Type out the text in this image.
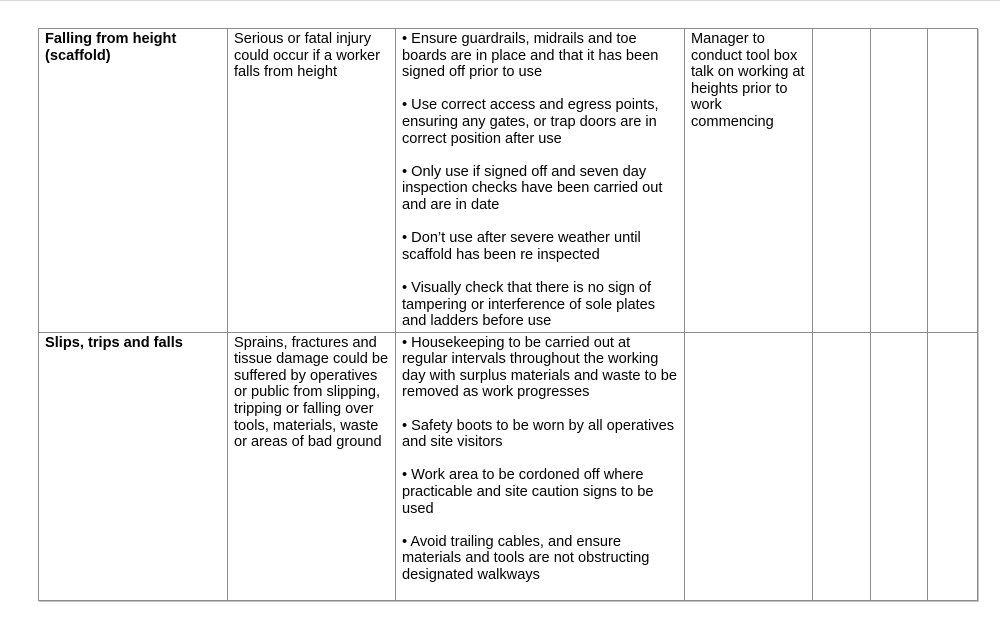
Falling from height (scaffold)	Serious or fatal injury could occur if a worker falls from height	• Ensure guardrails, midrails and toe boards are in place and that it has been signed off prior to use

• Use correct access and egress points, ensuring any gates, or trap doors are in correct position after use

• Only use if signed off and seven day inspection checks have been carried out and are in date

• Don’t use after severe weather until scaffold has been re inspected

• Visually check that there is no sign of tampering or interference of sole plates and ladders before use	Manager to conduct tool box talk on working at heights prior to work commencing			

Slips, trips and falls	Sprains, fractures and tissue damage could be suffered by operatives or public from slipping, tripping or falling over tools, materials, waste or areas of bad ground	• Housekeeping to be carried out at regular intervals throughout the working day with surplus materials and waste to be removed as work progresses

• Safety boots to be worn by all operatives and site visitors

• Work area to be cordoned off where practicable and site caution signs to be used

• Avoid trailing cables, and ensure materials and tools are not obstructing designated walkways				
